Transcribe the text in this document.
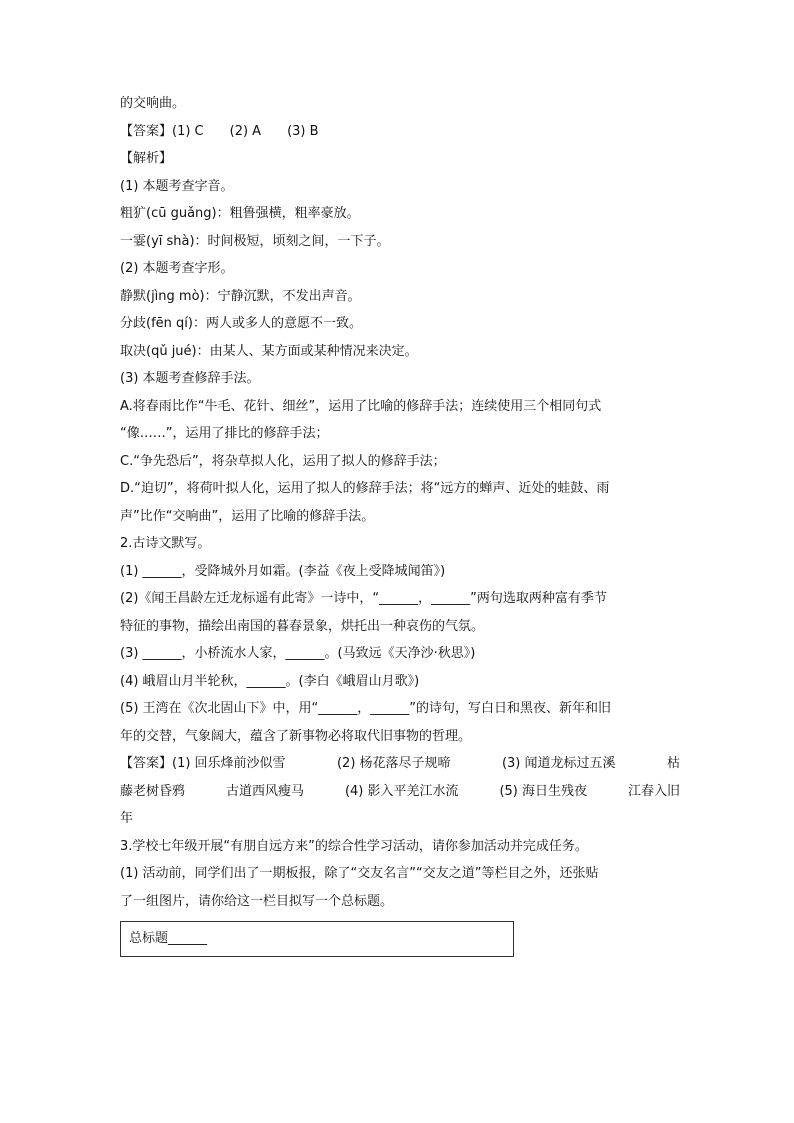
的交响曲。
【答案】(1) C　　(2) A　　(3) B
【解析】
(1) 本题考查字音。
粗犷(cū guǎng)：粗鲁强横，粗率豪放。
一霎(yī shà)：时间极短，顷刻之间，一下子。
(2) 本题考查字形。
静默(jìng mò)：宁静沉默，不发出声音。
分歧(fēn qí)：两人或多人的意愿不一致。
取决(qǔ jué)：由某人、某方面或某种情况来决定。
(3) 本题考查修辞手法。
A.将春雨比作“牛毛、花针、细丝”，运用了比喻的修辞手法；连续使用三个相同句式
“像……”，运用了排比的修辞手法；
C.“争先恐后”，将杂草拟人化，运用了拟人的修辞手法；
D.“迫切”，将荷叶拟人化，运用了拟人的修辞手法；将“远方的蝉声、近处的蛙鼓、雨
声”比作“交响曲”，运用了比喻的修辞手法。
2.古诗文默写。
(1) ______，受降城外月如霜。(李益《夜上受降城闻笛》)
(2)《闻王昌龄左迁龙标遥有此寄》一诗中，“______，______”两句选取两种富有季节
特征的事物，描绘出南国的暮春景象，烘托出一种哀伤的气氛。
(3) ______，小桥流水人家，______。(马致远《天净沙·秋思》)
(4) 峨眉山月半轮秋，______。(李白《峨眉山月歌》)
(5) 王湾在《次北固山下》中，用“______，______”的诗句，写白日和黑夜、新年和旧
年的交替，气象阔大，蕴含了新事物必将取代旧事物的哲理。
【答案】(1) 回乐烽前沙似雪	(2) 杨花落尽子规啼	(3) 闻道龙标过五溪	枯
藤老树昏鸦	古道西风瘦马	(4) 影入平羌江水流	(5) 海日生残夜	江春入旧
年
3.学校七年级开展“有朋自远方来”的综合性学习活动，请你参加活动并完成任务。
(1) 活动前，同学们出了一期板报，除了“交友名言”“交友之道”等栏目之外，还张贴
了一组图片，请你给这一栏目拟写一个总标题。
总标题______
